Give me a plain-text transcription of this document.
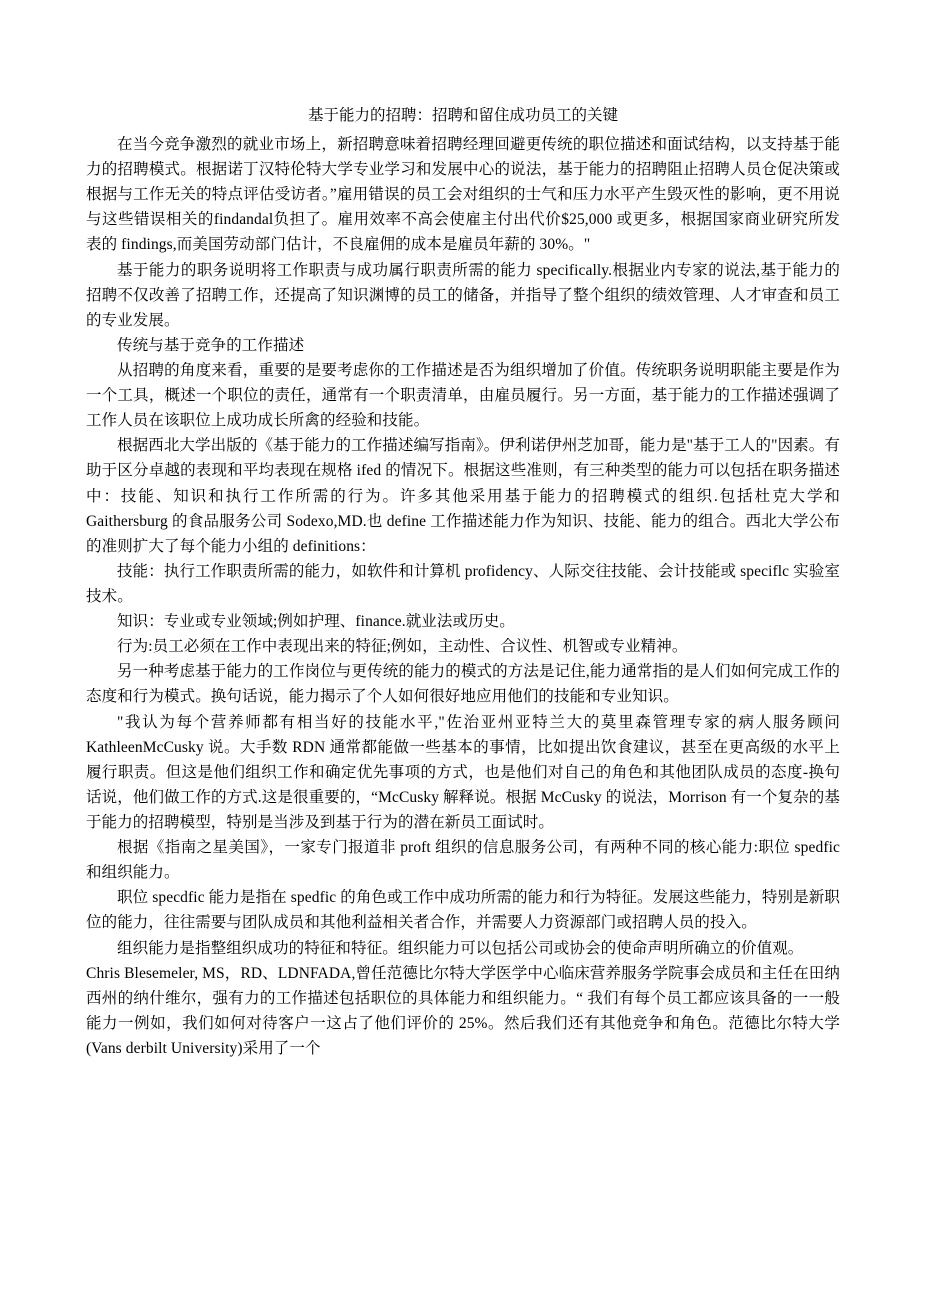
基于能力的招聘：招聘和留住成功员工的关键

在当今竞争激烈的就业市场上，新招聘意味着招聘经理回避更传统的职位描述和面试结构，以支持基于能力的招聘模式。根据诺丁汉特伦特大学专业学习和发展中心的说法，基于能力的招聘阻止招聘人员仓促决策或根据与工作无关的特点评估受访者。”雇用错误的员工会对组织的士气和压力水平产生毁灭性的影响，更不用说与这些错误相关的findandal负担了。雇用效率不高会使雇主付出代价$25,000 或更多，根据国家商业研究所发表的 findings,而美国劳动部门估计，不良雇佣的成本是雇员年薪的 30%。"

基于能力的职务说明将工作职责与成功属行职责所需的能力 specifically.根据业内专家的说法,基于能力的招聘不仅改善了招聘工作，还提高了知识渊博的员工的储备，并指导了整个组织的绩效管理、人才审查和员工的专业发展。

传统与基于竞争的工作描述

从招聘的角度来看，重要的是要考虑你的工作描述是否为组织增加了价值。传统职务说明职能主要是作为一个工具，概述一个职位的责任，通常有一个职责清单，由雇员履行。另一方面，基于能力的工作描述强调了工作人员在该职位上成功成长所禽的经验和技能。

根据西北大学出版的《基于能力的工作描述编写指南》。伊利诺伊州芝加哥，能力是"基于工人的"因素。有助于区分卓越的表现和平均表现在规格 ifed 的情况下。根据这些准则，有三种类型的能力可以包括在职务描述中：技能、知识和执行工作所需的行为。许多其他采用基于能力的招聘模式的组织.包括杜克大学和 Gaithersburg 的食品服务公司 Sodexo,MD.也 define 工作描述能力作为知识、技能、能力的组合。西北大学公布的准则扩大了每个能力小组的 definitions：

技能：执行工作职责所需的能力，如软件和计算机 profidency、人际交往技能、会计技能或 speciflc 实验室技术。

知识：专业或专业领域;例如护理、finance.就业法或历史。

行为:员工必须在工作中表现出来的特征;例如，主动性、合议性、机智或专业精神。

另一种考虑基于能力的工作岗位与更传统的能力的模式的方法是记住,能力通常指的是人们如何完成工作的态度和行为模式。换句话说，能力揭示了个人如何很好地应用他们的技能和专业知识。

"我认为每个营养师都有相当好的技能水平,"佐治亚州亚特兰大的莫里森管理专家的病人服务顾问 KathleenMcCusky 说。大手数 RDN 通常都能做一些基本的事情，比如提出饮食建议，甚至在更高级的水平上履行职责。但这是他们组织工作和确定优先事项的方式，也是他们对自己的角色和其他团队成员的态度-换句话说，他们做工作的方式.这是很重要的，“McCusky 解释说。根据 McCusky 的说法，Morrison 有一个复杂的基于能力的招聘模型，特别是当涉及到基于行为的潜在新员工面试时。

根据《指南之星美国》，一家专门报道非 proft 组织的信息服务公司，有两种不同的核心能力:职位 spedfic 和组织能力。

职位 specdfic 能力是指在 spedfic 的角色或工作中成功所需的能力和行为特征。发展这些能力，特别是新职位的能力，往往需要与团队成员和其他利益相关者合作，并需要人力资源部门或招聘人员的投入。

组织能力是指整组织成功的特征和特征。组织能力可以包括公司或协会的使命声明所确立的价值观。

Chris Blesemeler, MS，RD、LDNFADA,曾任范德比尔特大学医学中心临床营养服务学院事会成员和主任在田纳西州的纳什维尔，强有力的工作描述包括职位的具体能力和组织能力。“ 我们有每个员工都应该具备的一一般能力一例如，我们如何对待客户一这占了他们评价的 25%。然后我们还有其他竞争和角色。范德比尔特大学(Vans derbilt University)采用了一个
